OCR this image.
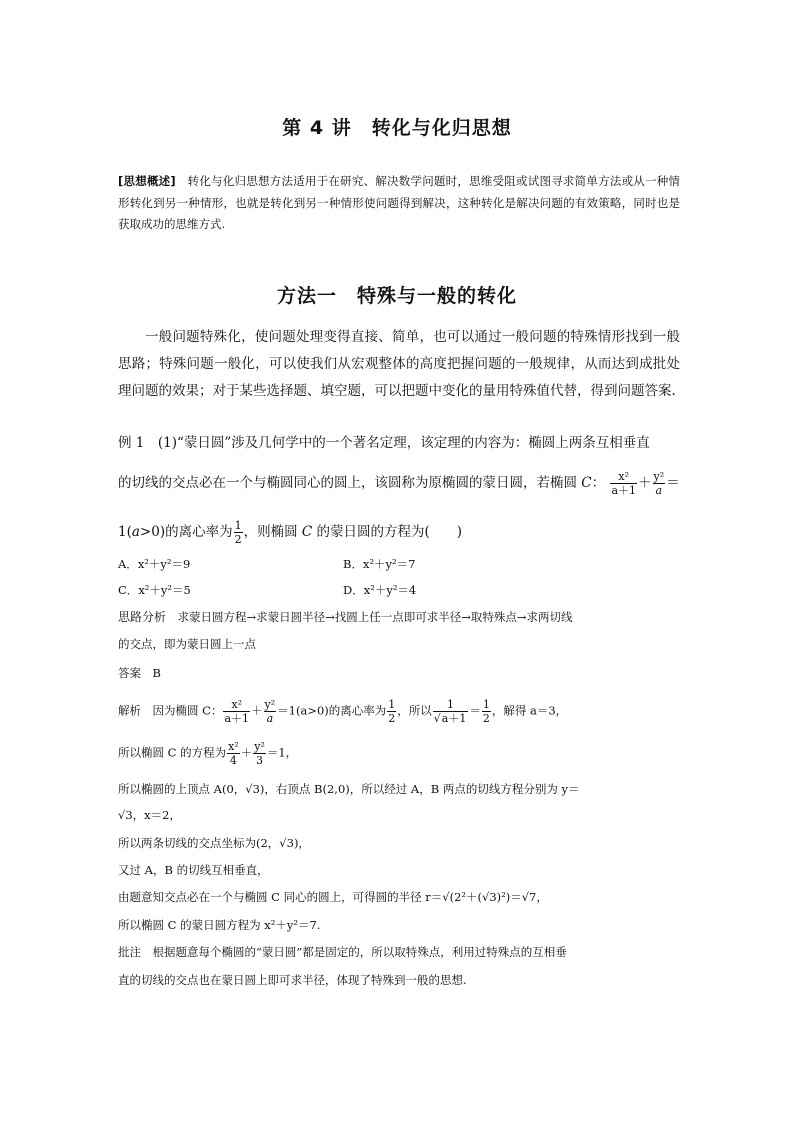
第 4 讲　转化与化归思想
[思想概述]　转化与化归思想方法适用于在研究、解决数学问题时，思维受阻或试图寻求简单方法或从一种情形转化到另一种情形，也就是转化到另一种情形使问题得到解决，这种转化是解决问题的有效策略，同时也是获取成功的思维方式.
方法一　特殊与一般的转化
一般问题特殊化，使问题处理变得直接、简单，也可以通过一般问题的特殊情形找到一般思路；特殊问题一般化，可以使我们从宏观整体的高度把握问题的一般规律，从而达到成批处理问题的效果；对于某些选择题、填空题，可以把题中变化的量用特殊值代替，得到问题答案.
例 1　(1)“蒙日圆”涉及几何学中的一个著名定理，该定理的内容为：椭圆上两条互相垂直
的切线的交点必在一个与椭圆同心的圆上，该圆称为原椭圆的蒙日圆，若椭圆 C： $\frac{\text{x²}}{a+1} + \frac{\text{y²}}{a}$ ＝
1(a>0)的离心率为 $\frac{1}{2}$ ，则椭圆 C 的蒙日圆的方程为(　　)
A．x²＋y²＝9	B．x²＋y²＝7
C．x²＋y²＝5	D．x²＋y²＝4
思路分析　求蒙日圆方程→求蒙日圆半径→找圆上任一点即可求半径→取特殊点→求两切线
的交点，即为蒙日圆上一点
答案　 B
解析　因为椭圆 C： $\frac{\text{x²}}{a+1} + \frac{\text{y²}}{a} =1(a>0)$的离心率为 $\frac{1}{2}$ ，所以 $\frac{1}{√a+1} = \frac{1}{2}$ ，解得 a＝3，
所以椭圆 C 的方程为 $\frac{\text{x²}}{4} + \frac{\text{y²}}{3} =1$，
所以椭圆的上顶点 A(0，√3)，右顶点 B(2,0)，所以经过 A，B 两点的切线方程分别为 y＝
√3，x＝2，
所以两条切线的交点坐标为(2，√3)，
又过 A，B 的切线互相垂直，
由题意知交点必在一个与椭圆 C 同心的圆上，可得圆的半径 r＝√(2²＋(√3)²)＝√7，
所以椭圆 C 的蒙日圆方程为 x²＋y²＝7.
批注　根据题意每个椭圆的“蒙日圆”都是固定的，所以取特殊点，利用过特殊点的互相垂
直的切线的交点也在蒙日圆上即可求半径，体现了特殊到一般的思想.
